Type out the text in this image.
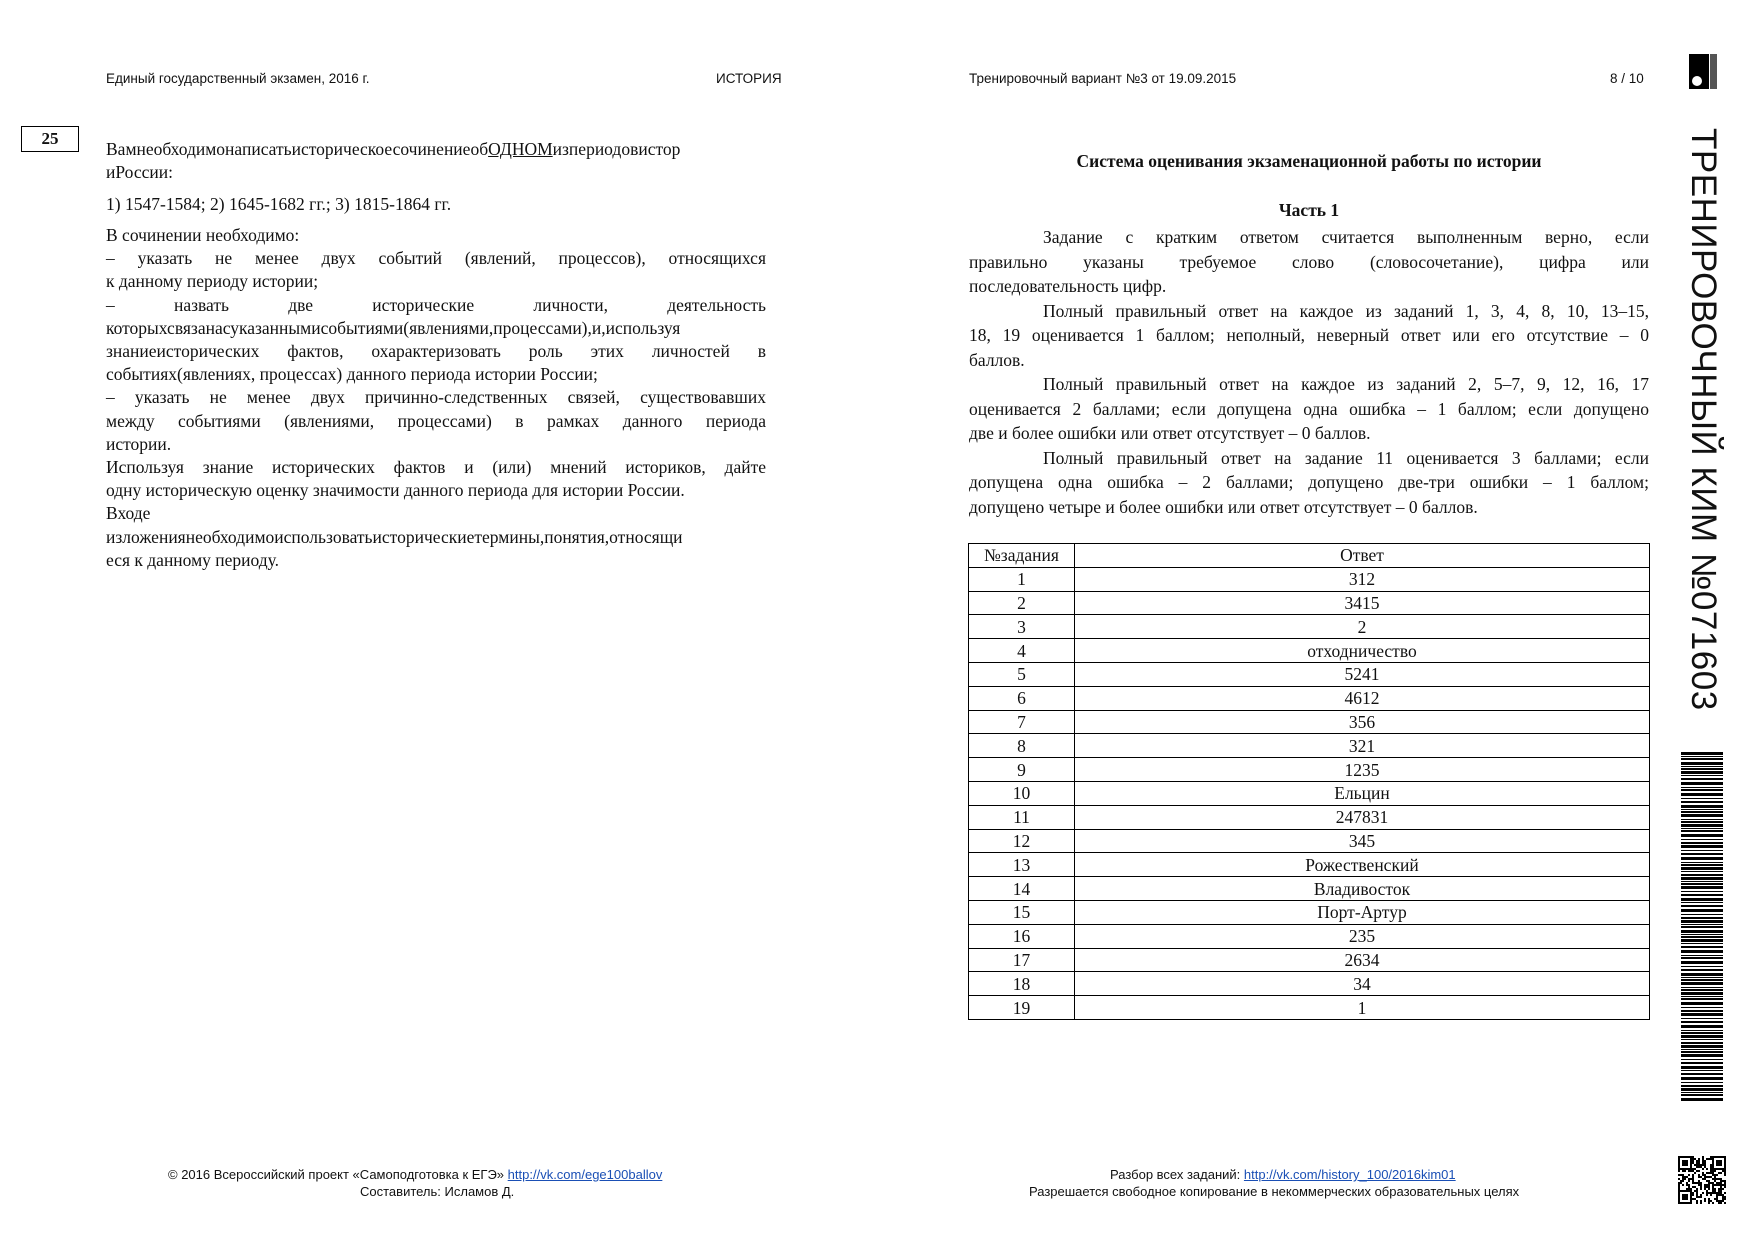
Единый государственный экзамен, 2016 г.	ИСТОРИЯ	Тренировочный вариант №3 от 19.09.2015	8 / 10
25
ВамнеобходимонаписатьисторическоесочинениеобОДНОМизпериодовистор
иРоссии:
1) 1547-1584; 2) 1645-1682 гг.; 3) 1815-1864 гг.
В сочинении необходимо:
– указать не менее двух событий (явлений, процессов), относящихся
к данному периоду истории;
– назвать две исторические личности, деятельность
которыхсвязанасуказаннымисобытиями(явлениями,процессами),и,используя
знаниеисторических фактов, охарактеризовать роль этих личностей в
событиях(явлениях, процессах) данного периода истории России;
– указать не менее двух причинно-следственных связей, существовавших
между событиями (явлениями, процессами) в рамках данного периода
истории.
Используя знание исторических фактов и (или) мнений историков, дайте
одну историческую оценку значимости данного периода для истории России.
Входе
изложениянеобходимоиспользоватьисторическиетермины,понятия,относящи
еся к данному периоду.
Система оценивания экзаменационной работы по истории
Часть 1
Задание с кратким ответом считается выполненным верно, если
правильно указаны требуемое слово (словосочетание), цифра или
последовательность цифр.
Полный правильный ответ на каждое из заданий 1, 3, 4, 8, 10, 13–15,
18, 19 оценивается 1 баллом; неполный, неверный ответ или его отсутствие – 0
баллов.
Полный правильный ответ на каждое из заданий 2, 5–7, 9, 12, 16, 17
оценивается 2 баллами; если допущена одна ошибка – 1 баллом; если допущено
две и более ошибки или ответ отсутствует – 0 баллов.
Полный правильный ответ на задание 11 оценивается 3 баллами; если
допущена одна ошибка – 2 баллами; допущено две-три ошибки – 1 баллом;
допущено четыре и более ошибки или ответ отсутствует – 0 баллов.
№задания	Ответ
1	312
2	3415
3	2
4	отходничество
5	5241
6	4612
7	356
8	321
9	1235
10	Ельцин
11	247831
12	345
13	Рожественский
14	Владивосток
15	Порт-Артур
16	235
17	2634
18	34
19	1
ТРЕНИРОВОЧНЫЙ КИМ №071603
© 2016 Всероссийский проект «Самоподготовка к ЕГЭ» http://vk.com/ege100ballov
Составитель: Исламов Д.
Разбор всех заданий: http://vk.com/history_100/2016kim01
Разрешается свободное копирование в некоммерческих образовательных целях
